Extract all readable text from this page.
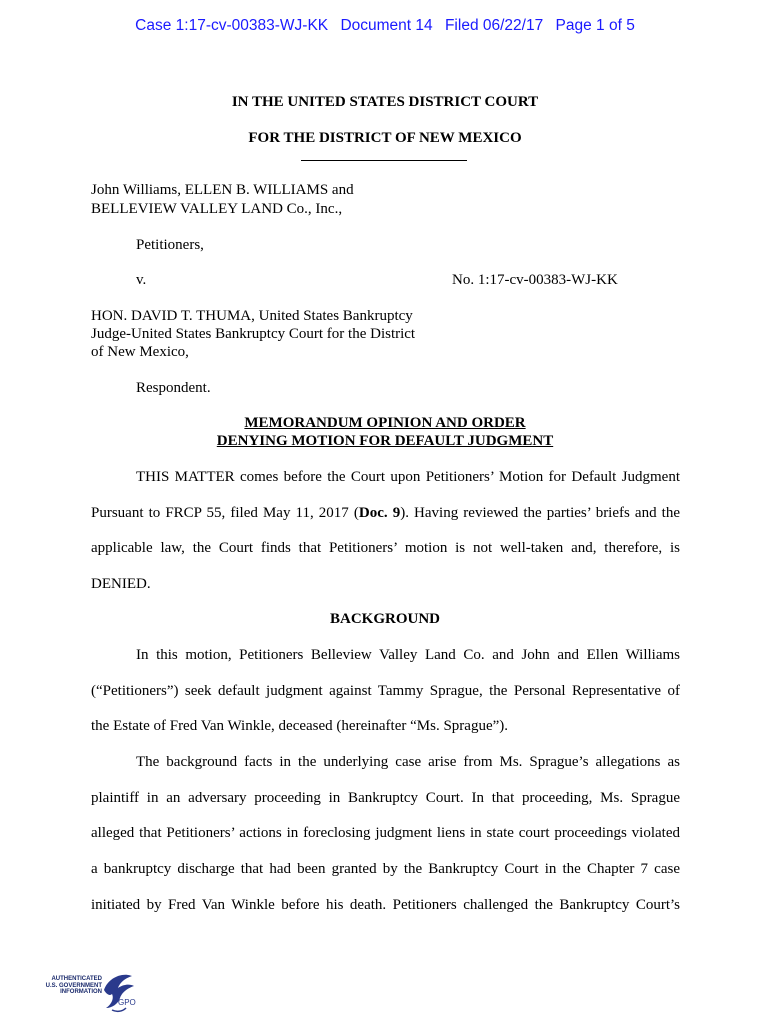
Case 1:17-cv-00383-WJ-KK Document 14 Filed 06/22/17 Page 1 of 5
IN THE UNITED STATES DISTRICT COURT
FOR THE DISTRICT OF NEW MEXICO
John Williams, ELLEN B. WILLIAMS and
BELLEVIEW VALLEY LAND Co., Inc.,
Petitioners,
v.	No. 1:17-cv-00383-WJ-KK
HON. DAVID T. THUMA, United States Bankruptcy
Judge-United States Bankruptcy Court for the District
of New Mexico,
Respondent.
MEMORANDUM OPINION AND ORDER
DENYING MOTION FOR DEFAULT JUDGMENT
THIS MATTER comes before the Court upon Petitioners’ Motion for Default Judgment
Pursuant to FRCP 55, filed May 11, 2017 (Doc. 9). Having reviewed the parties’ briefs and the
applicable law, the Court finds that Petitioners’ motion is not well-taken and, therefore, is
DENIED.
BACKGROUND
In this motion, Petitioners Belleview Valley Land Co. and John and Ellen Williams
(“Petitioners”) seek default judgment against Tammy Sprague, the Personal Representative of
the Estate of Fred Van Winkle, deceased (hereinafter “Ms. Sprague”).
The background facts in the underlying case arise from Ms. Sprague’s allegations as
plaintiff in an adversary proceeding in Bankruptcy Court. In that proceeding, Ms. Sprague
alleged that Petitioners’ actions in foreclosing judgment liens in state court proceedings violated
a bankruptcy discharge that had been granted by the Bankruptcy Court in the Chapter 7 case
initiated by Fred Van Winkle before his death. Petitioners challenged the Bankruptcy Court’s
AUTHENTICATED
U.S. GOVERNMENT
INFORMATION
GPO
